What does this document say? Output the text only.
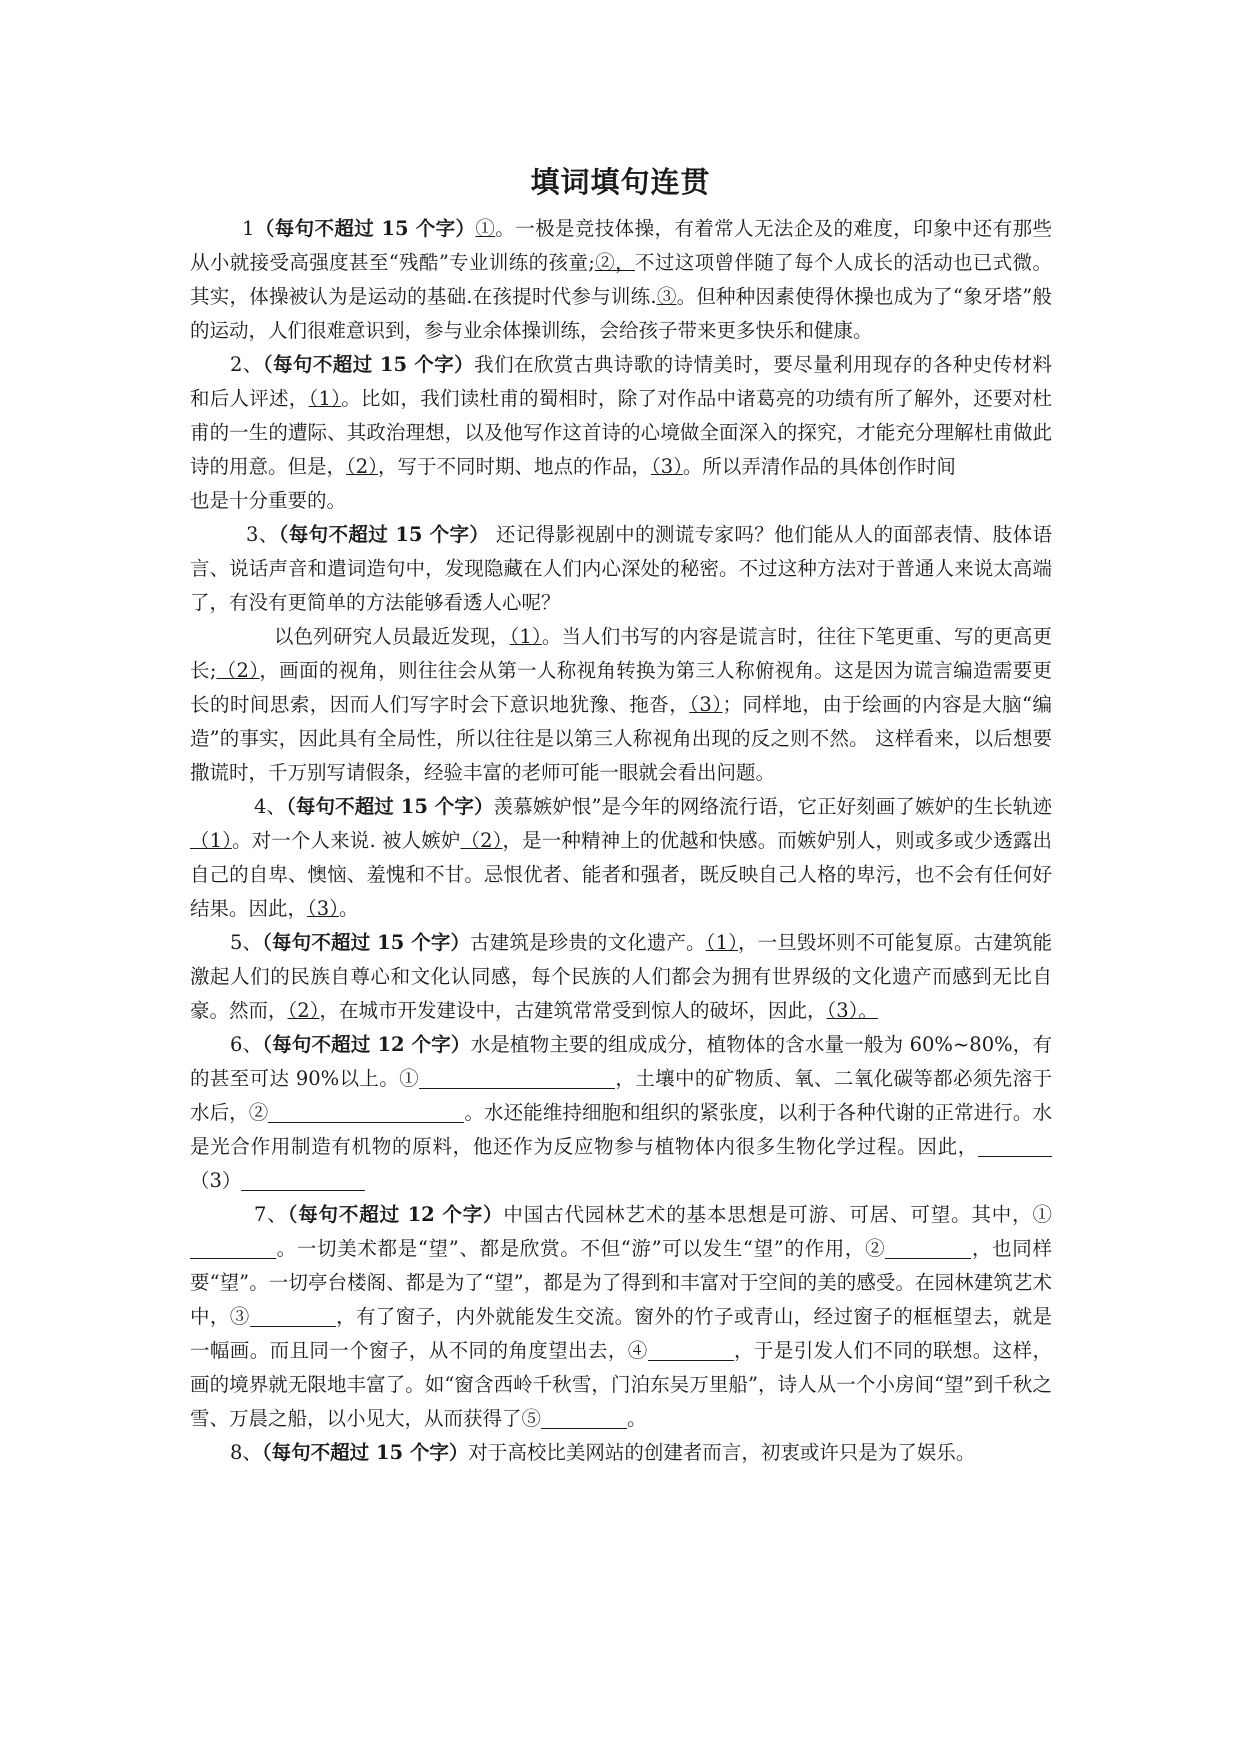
填词填句连贯

1（每句不超过 15 个字）①。一极是竞技体操，有着常人无法企及的难度，印象中还有那些从小就接受高强度甚至“残酷”专业训练的孩童;②，不过这项曾伴随了每个人成长的活动也已式微。其实，体操被认为是运动的基础.在孩提时代参与训练.③。但种种因素使得休操也成为了“象牙塔”般的运动，人们很难意识到，参与业余体操训练，会给孩子带来更多快乐和健康。

2、（每句不超过 15 个字）我们在欣赏古典诗歌的诗情美时，要尽量利用现存的各种史传材料和后人评述，（1）。比如，我们读杜甫的蜀相时，除了对作品中诸葛亮的功绩有所了解外，还要对杜甫的一生的遭际、其政治理想，以及他写作这首诗的心境做全面深入的探究，才能充分理解杜甫做此诗的用意。但是，（2），写于不同时期、地点的作品，（3）。所以弄清作品的具体创作时间

也是十分重要的。

3、（每句不超过 15 个字） 还记得影视剧中的测谎专家吗？他们能从人的面部表情、肢体语言、说话声音和遣词造句中，发现隐藏在人们内心深处的秘密。不过这种方法对于普通人来说太高端了，有没有更简单的方法能够看透人心呢？

以色列研究人员最近发现，（1）。当人们书写的内容是谎言时，往往下笔更重、写的更高更长;（2），画面的视角，则往往会从第一人称视角转换为第三人称俯视角。这是因为谎言编造需要更长的时间思索，因而人们写字时会下意识地犹豫、拖沓，（3）；同样地，由于绘画的内容是大脑“编造”的事实，因此具有全局性，所以往往是以第三人称视角出现的反之则不然。 这样看来，以后想要撒谎时，千万别写请假条，经验丰富的老师可能一眼就会看出问题。

4、（每句不超过 15 个字）羡慕嫉妒恨”是今年的网络流行语，它正好刻画了嫉妒的生长轨迹（1）。对一个人来说. 被人嫉妒（2），是一种精神上的优越和快感。而嫉妒别人，则或多或少透露出自己的自卑、懊恼、羞愧和不甘。忌恨优者、能者和强者，既反映自己人格的卑污，也不会有任何好结果。因此，（3）。

5、（每句不超过 15 个字）古建筑是珍贵的文化遗产。（1），一旦毁坏则不可能复原。古建筑能激起人们的民族自尊心和文化认同感，每个民族的人们都会为拥有世界级的文化遗产而感到无比自豪。然而，（2），在城市开发建设中，古建筑常常受到惊人的破坏，因此，（3）。

6、（每句不超过 12 个字）水是植物主要的组成成分，植物体的含水量一般为 60%~80%，有的甚至可达 90%以上。①	，土壤中的矿物质、氧、二氧化碳等都必须先溶于水后，②	。水还能维持细胞和组织的紧张度，以利于各种代谢的正常进行。水是光合作用制造有机物的原料，他还作为反应物参与植物体内很多生物化学过程。因此，（3）

7、（每句不超过 12 个字）中国古代园林艺术的基本思想是可游、可居、可望。其中，①。一切美术都是“望”、都是欣赏。不但“游”可以发生“望”的作用，②	，也同样要“望”。一切亭台楼阁、都是为了“望”，都是为了得到和丰富对于空间的美的感受。在园林建筑艺术中，③	，有了窗子，内外就能发生交流。窗外的竹子或青山，经过窗子的框框望去，就是一幅画。而且同一个窗子，从不同的角度望出去，④	，于是引发人们不同的联想。这样，画的境界就无限地丰富了。如“窗含西岭千秋雪，门泊东吴万里船”，诗人从一个小房间“望”到千秋之雪、万晨之船，以小见大，从而获得了⑤	。

8、（每句不超过 15 个字）对于高校比美网站的创建者而言，初衷或许只是为了娱乐。
